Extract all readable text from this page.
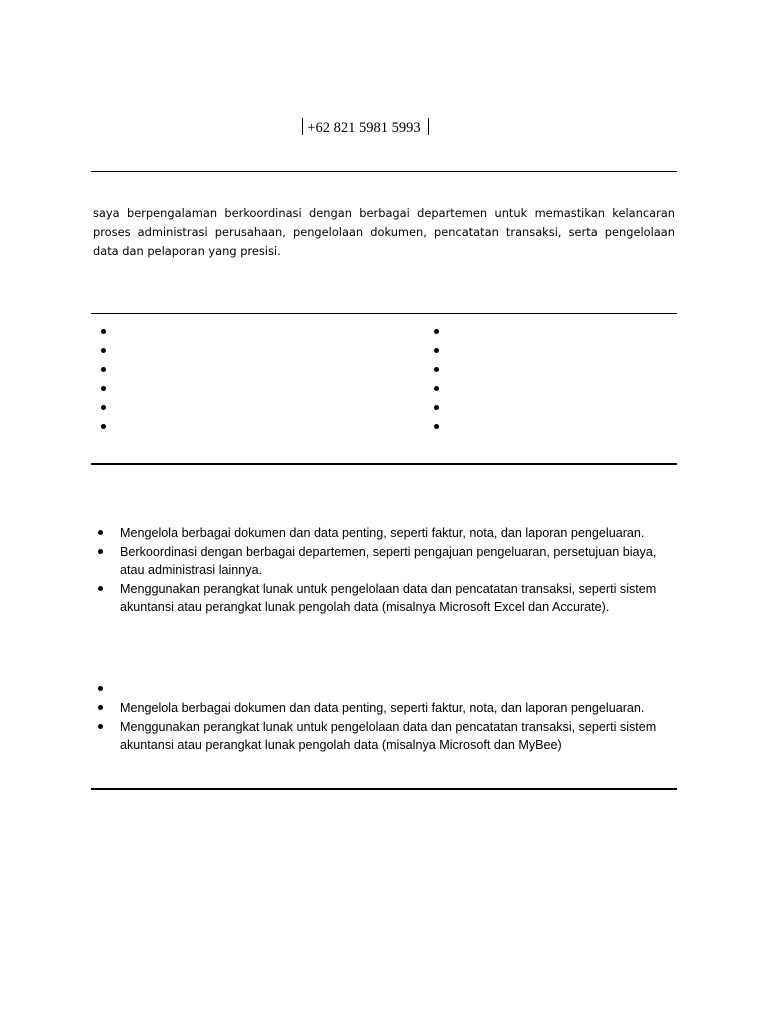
+62 821 5981 5993

saya berpengalaman berkoordinasi dengan berbagai departemen untuk memastikan kelancaran proses administrasi perusahaan, pengelolaan dokumen, pencatatan transaksi, serta pengelolaan data dan pelaporan yang presisi.

Mengelola berbagai dokumen dan data penting, seperti faktur, nota, dan laporan pengeluaran.
Berkoordinasi dengan berbagai departemen, seperti pengajuan pengeluaran, persetujuan biaya, atau administrasi lainnya.
Menggunakan perangkat lunak untuk pengelolaan data dan pencatatan transaksi, seperti sistem akuntansi atau perangkat lunak pengolah data (misalnya Microsoft Excel dan Accurate).
Mengelola berbagai dokumen dan data penting, seperti faktur, nota, dan laporan pengeluaran.
Menggunakan perangkat lunak untuk pengelolaan data dan pencatatan transaksi, seperti sistem akuntansi atau perangkat lunak pengolah data (misalnya Microsoft dan MyBee)
